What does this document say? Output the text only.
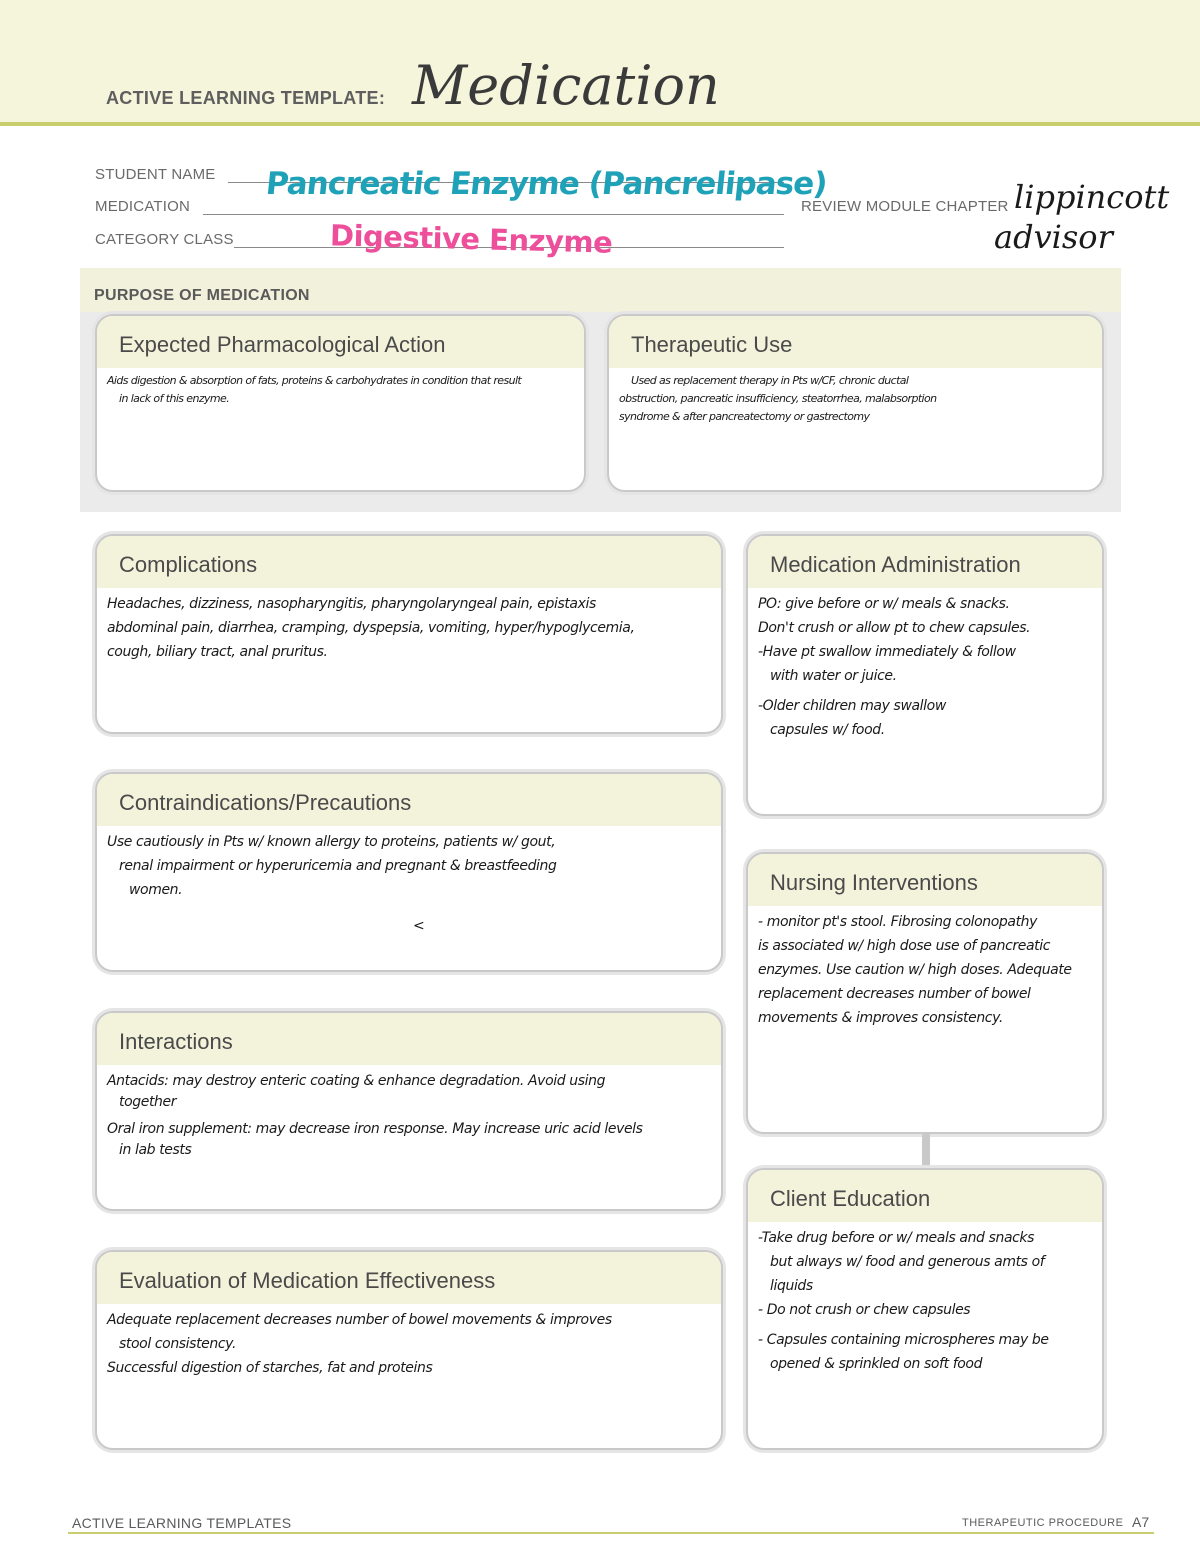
ACTIVE LEARNING TEMPLATE: Medication
STUDENT NAME
MEDICATION
Pancreatic Enzyme (Pancrelipase)
CATEGORY CLASS	Digestive Enzyme
REVIEW MODULE CHAPTER lippincott
advisor
PURPOSE OF MEDICATION
Expected Pharmacological Action
Aids digestion & absorption of fats, proteins & carbohydrates in condition that result
in lack of this enzyme.
Therapeutic Use
Used as replacement therapy in Pts w/CF, chronic ductal
obstruction, pancreatic insufficiency, steatorrhea, malabsorption
syndrome & after pancreatectomy or gastrectomy
Complications
Headaches, dizziness, nasopharyngitis, pharyngolaryngeal pain, epistaxis
abdominal pain, diarrhea, cramping, dyspepsia, vomiting, hyper/hypoglycemia,
cough, biliary tract, anal pruritus.
Contraindications/Precautions
Use cautiously in Pts w/ known allergy to proteins, patients w/ gout,
renal impairment or hyperuricemia and pregnant & breastfeeding
women.
<
Interactions
Antacids: may destroy enteric coating & enhance degradation. Avoid using
together
Oral iron supplement: may decrease iron response. May increase uric acid levels
in lab tests
Evaluation of Medication Effectiveness
Adequate replacement decreases number of bowel movements & improves
stool consistency.
Successful digestion of starches, fat and proteins
Medication Administration
PO: give before or w/ meals & snacks.
Don't crush or allow pt to chew capsules.
-Have pt swallow immediately & follow
with water or juice.
-Older children may swallow
capsules w/ food.
Nursing Interventions
- monitor pt's stool. Fibrosing colonopathy
is associated w/ high dose use of pancreatic
enzymes. Use caution w/ high doses. Adequate
replacement decreases number of bowel
movements & improves consistency.
Client Education
-Take drug before or w/ meals and snacks
but always w/ food and generous amts of
liquids
- Do not crush or chew capsules
- Capsules containing microspheres may be
opened & sprinkled on soft food
ACTIVE LEARNING TEMPLATES	THERAPEUTIC PROCEDURE A7
